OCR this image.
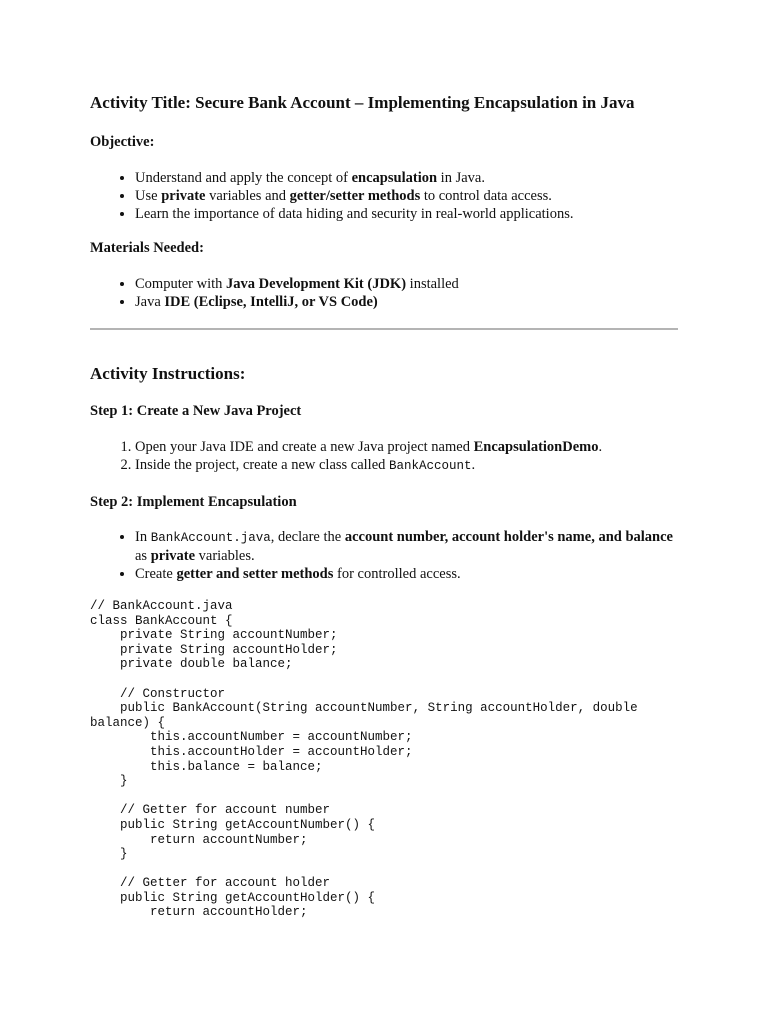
Activity Title: Secure Bank Account – Implementing Encapsulation in Java
Objective:
• Understand and apply the concept of encapsulation in Java.
• Use private variables and getter/setter methods to control data access.
• Learn the importance of data hiding and security in real-world applications.
Materials Needed:
• Computer with Java Development Kit (JDK) installed
• Java IDE (Eclipse, IntelliJ, or VS Code)
Activity Instructions:
Step 1: Create a New Java Project
1. Open your Java IDE and create a new Java project named EncapsulationDemo.
2. Inside the project, create a new class called BankAccount.
Step 2: Implement Encapsulation
• In BankAccount.java, declare the account number, account holder's name, and balance as private variables.
• Create getter and setter methods for controlled access.
// BankAccount.java
class BankAccount {
private String accountNumber;
private String accountHolder;
private double balance;

// Constructor
public BankAccount(String accountNumber, String accountHolder, double balance) {
this.accountNumber = accountNumber;
this.accountHolder = accountHolder;
this.balance = balance;
}

// Getter for account number
public String getAccountNumber() {
return accountNumber;
}

// Getter for account holder
public String getAccountHolder() {
return accountHolder;
